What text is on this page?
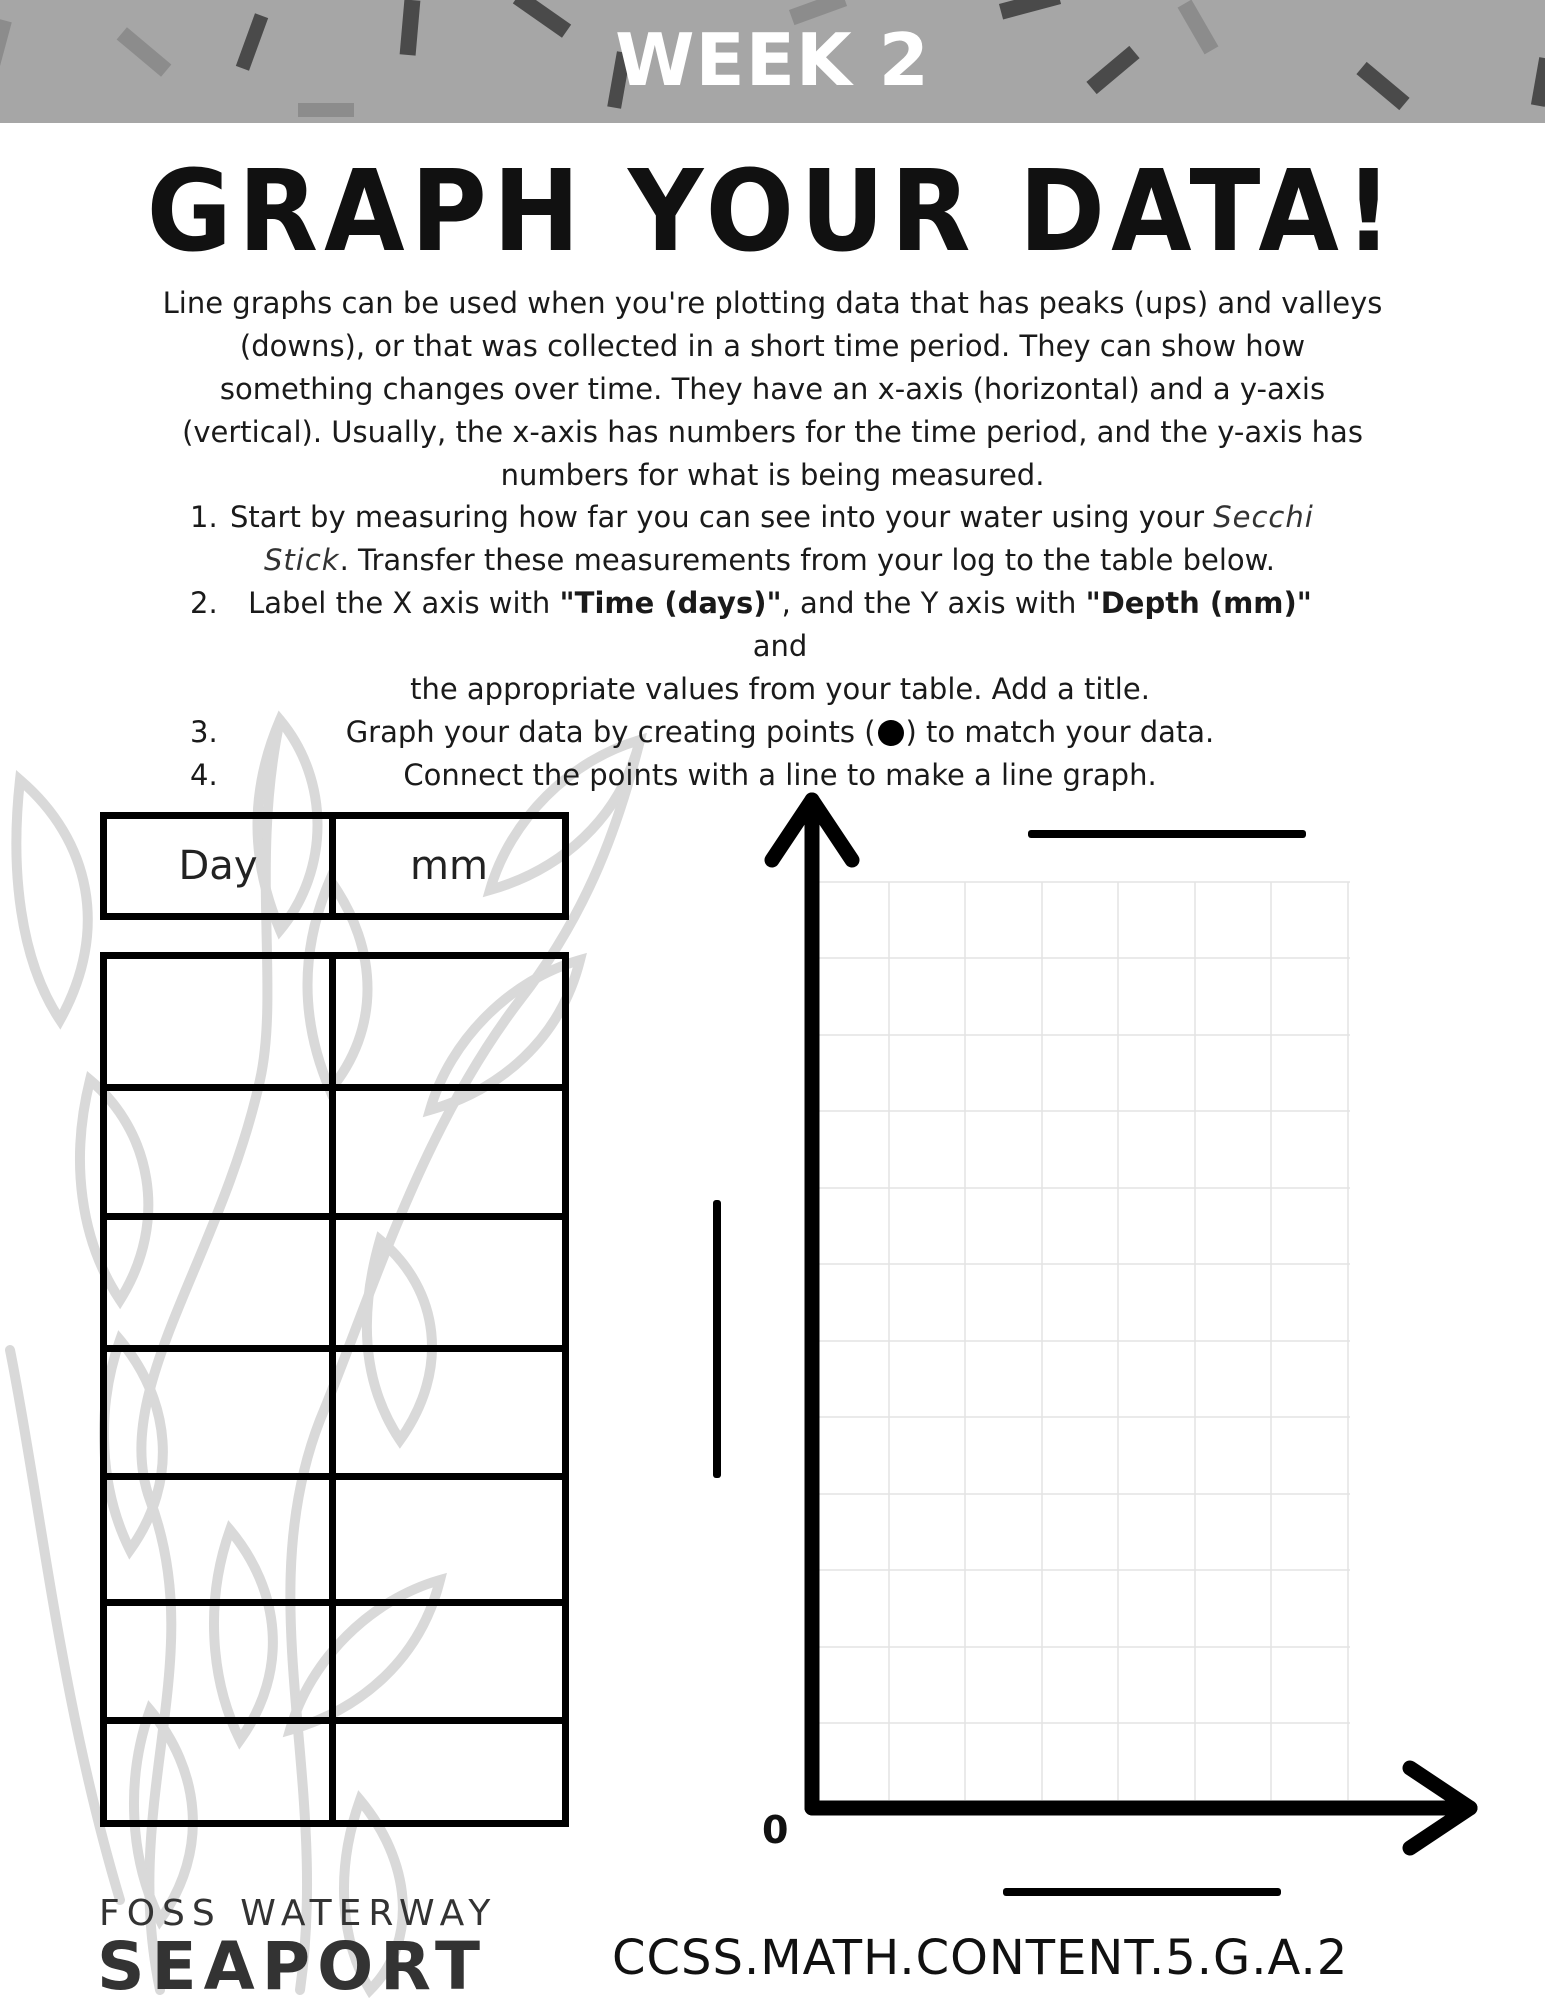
WEEK 2
GRAPH YOUR DATA!
Line graphs can be used when you're plotting data that has peaks (ups) and valleys (downs), or that was collected in a short time period. They can show how something changes over time. They have an x-axis (horizontal) and a y-axis (vertical). Usually, the x-axis has numbers for the time period, and the y-axis has numbers for what is being measured.
1. Start by measuring how far you can see into your water using your Secchi
Stick. Transfer these measurements from your log to the table below.
2. Label the X axis with "Time (days)", and the Y axis with "Depth (mm)" and
the appropriate values from your table. Add a title.
3.	Graph your data by creating points ( ) to match your data.
4.	Connect the points with a line to make a line graph.
Day	mm
0
FOSS WATERWAY
SEAPORT	CCSS.MATH.CONTENT.5.G.A.2
